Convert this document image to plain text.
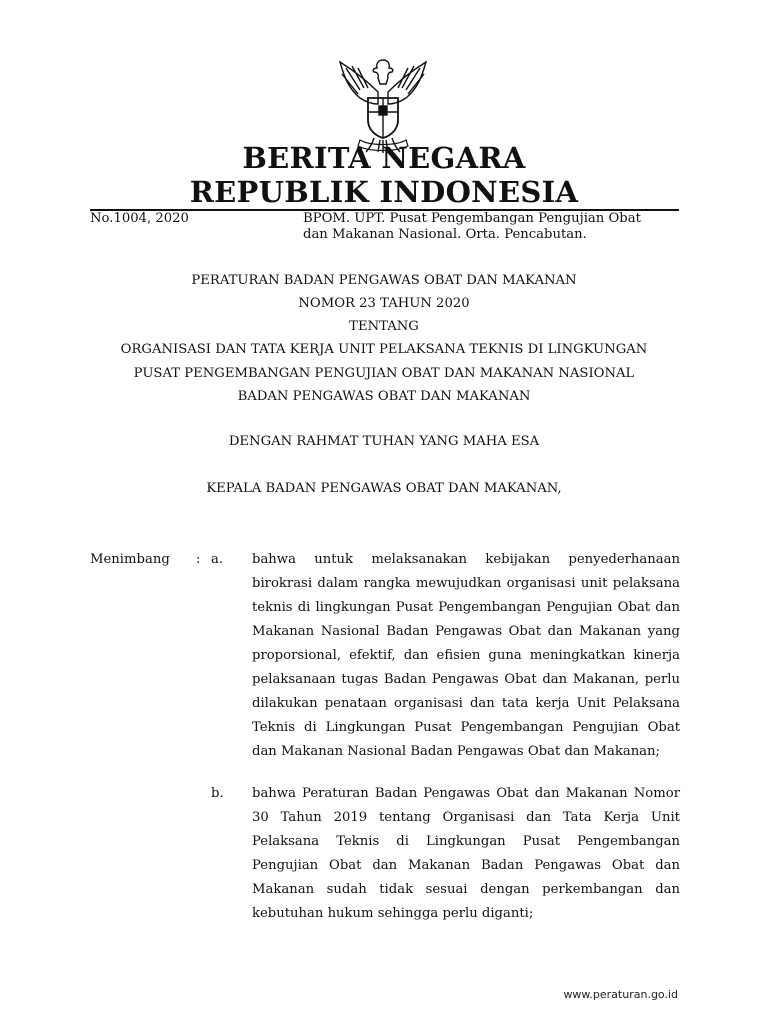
BERITA NEGARA
REPUBLIK INDONESIA
No.1004, 2020	BPOM. UPT. Pusat Pengembangan Pengujian Obat
dan Makanan Nasional. Orta. Pencabutan.
PERATURAN BADAN PENGAWAS OBAT DAN MAKANAN
NOMOR 23 TAHUN 2020
TENTANG
ORGANISASI DAN TATA KERJA UNIT PELAKSANA TEKNIS DI LINGKUNGAN
PUSAT PENGEMBANGAN PENGUJIAN OBAT DAN MAKANAN NASIONAL
BADAN PENGAWAS OBAT DAN MAKANAN
DENGAN RAHMAT TUHAN YANG MAHA ESA
KEPALA BADAN PENGAWAS OBAT DAN MAKANAN,
Menimbang : a. bahwa untuk melaksanakan kebijakan penyederhanaan birokrasi dalam rangka mewujudkan organisasi unit pelaksana teknis di lingkungan Pusat Pengembangan Pengujian Obat dan Makanan Nasional Badan Pengawas Obat dan Makanan yang proporsional, efektif, dan efisien guna meningkatkan kinerja pelaksanaan tugas Badan Pengawas Obat dan Makanan, perlu dilakukan penataan organisasi dan tata kerja Unit Pelaksana Teknis di Lingkungan Pusat Pengembangan Pengujian Obat dan Makanan Nasional Badan Pengawas Obat dan Makanan;
b. bahwa Peraturan Badan Pengawas Obat dan Makanan Nomor 30 Tahun 2019 tentang Organisasi dan Tata Kerja Unit Pelaksana Teknis di Lingkungan Pusat Pengembangan Pengujian Obat dan Makanan Badan Pengawas Obat dan Makanan sudah tidak sesuai dengan perkembangan dan kebutuhan hukum sehingga perlu diganti;
www.peraturan.go.id
